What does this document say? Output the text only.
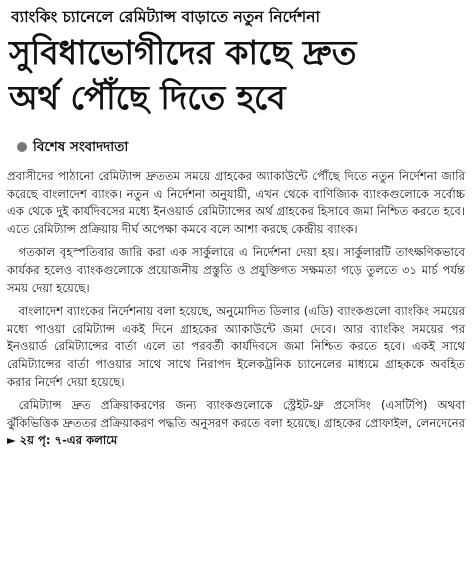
ব্যাংকিং চ্যানেলে রেমিট্যান্স বাড়াতে নতুন নির্দেশনা
সুবিধাভোগীদের কাছে দ্রুত
অর্থ পৌঁছে দিতে হবে
বিশেষ সংবাদদাতা

প্রবাসীদের পাঠানো রেমিট্যান্স দ্রুততম সময়ে গ্রাহকের অ্যাকাউন্টে পৌঁছে দিতে নতুন নির্দেশনা জারি করেছে বাংলাদেশ ব্যাংক। নতুন এ নির্দেশনা অনুযায়ী, এখন থেকে বাণিজ্যিক ব্যাংকগুলোকে সর্বোচ্চ এক থেকে দুই কার্যদিবসের মধ্যে ইনওয়ার্ড রেমিট্যান্সের অর্থ গ্রাহকের হিসাবে জমা নিশ্চিত করতে হবে। এতে রেমিট্যান্স প্রক্রিয়ায় দীর্ঘ অপেক্ষা কমবে বলে আশা করছে কেন্দ্রীয় ব্যাংক।

গতকাল বৃহস্পতিবার জারি করা এক সার্কুলারে এ নির্দেশনা দেয়া হয়। সার্কুলারটি তাৎক্ষণিকভাবে কার্যকর হলেও ব্যাংকগুলোকে প্রয়োজনীয় প্রস্তুতি ও প্রযুক্তিগত সক্ষমতা গড়ে তুলতে ৩১ মার্চ পর্যন্ত সময় দেয়া হয়েছে।

বাংলাদেশ ব্যাংকের নির্দেশনায় বলা হয়েছে, অনুমোদিত ডিলার (এডি) ব্যাংকগুলো ব্যাংকিং সময়ের মধ্যে পাওয়া রেমিট্যান্স একই দিনে গ্রাহকের অ্যাকাউন্টে জমা দেবে। আর ব্যাংকিং সময়ের পর ইনওয়ার্ড রেমিট্যান্সের বার্তা এলে তা পরবর্তী কার্যদিবসে জমা নিশ্চিত করতে হবে। একই সাথে রেমিট্যান্সের বার্তা পাওয়ার সাথে সাথে নিরাপদ ইলেকট্রনিক চ্যানেলের মাধ্যমে গ্রাহককে অবহিত করার নির্দেশ দেয়া হয়েছে।

রেমিট্যান্স দ্রুত প্রক্রিয়াকরণের জন্য ব্যাংকগুলোকে স্ট্রেইট-থ্রু প্রসেসিং (এসটিপি) অথবা ঝুঁকিভিত্তিক দ্রুততর প্রক্রিয়াকরণ পদ্ধতি অনুসরণ করতে বলা হয়েছে। গ্রাহকের প্রোফাইল, লেনদেনের ► ২য় পৃ: ৭-এর কলামে
